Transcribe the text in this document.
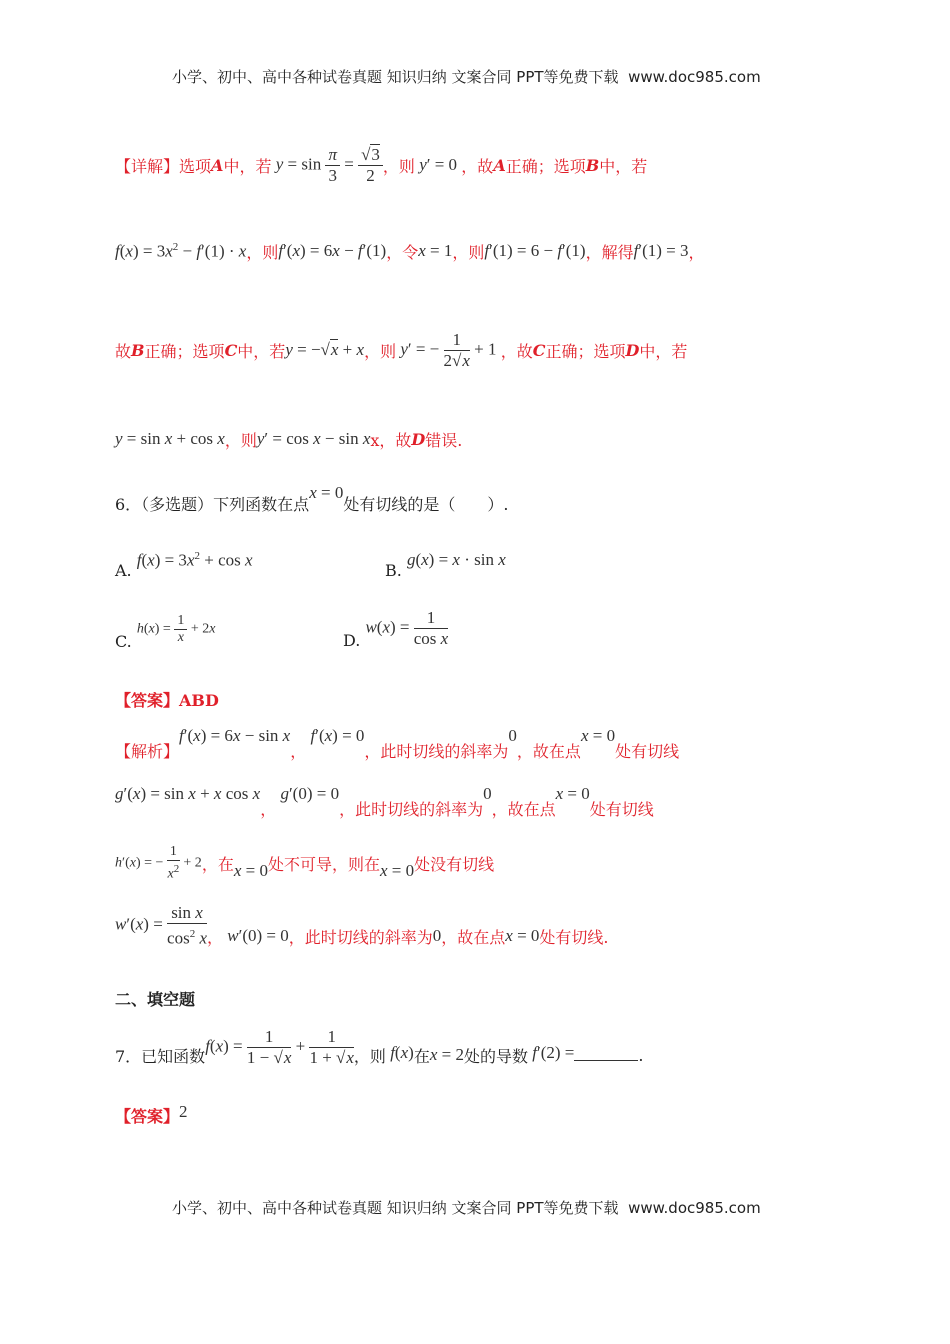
小学、初中、高中各种试卷真题 知识归纳 文案合同 PPT等免费下载 www.doc985.com
【详解】 选项 A 中，若 $y = \sin \frac{\pi}{3} = \frac{√3}{2}$ ，则 y′ = 0 ，故 A 正确；选项 B 中，若
$f(x) = 3x^2 - f'(1) \cdot x$ ，则 f′(x) = 6x − f′(1) ，令 x = 1 ，则 f′(1) = 6 − f′(1) ，解得 f′(1) = 3 ，
故 B 正确；选项 C 中，若 y = −√x + x ，则 y′ = − $\frac{1}{2√x} + 1$ ，故 C 正确；选项 D 中，若
y = sin x + cos x ，则 y′ = cos x − sin x x，故 D 错误.
6．（多选题）下列函数在点
x = 0
处有切线的是（　　）.
A.

$f(x) = 3x^2 + \cos x$
B.

g(x) = x · sin x
C.

$h(x) = \frac{1}{x} + 2x$
D.

$w(x) = \frac{1}{\text{cos x}}$
【答案】ABD
【解析】
f′(x) = 6x − sin x
，
f′(x) = 0
，此时切线的斜率为
0
，故在点
x = 0
处有切线
g′(x) = sin x + x cos x
，
g′(0) = 0
，此时切线的斜率为
0
，故在点
x = 0
处有切线
h′(x) = − $\frac{1}{x^2} + 2$ ，在 x = 0 处不可导，则在 x = 0 处没有切线
$w'(x) = \frac{\text{sin x}}{\cos^2 x}$ ， w′(0) = 0 ，此时切线的斜率为 0 ，故在点 x = 0 处有切线.
二、填空题
7．已知函数
$f(x) = \frac{1}{1 - √x} + \frac{1}{1 + √x}$ ，则 f(x) 在 x = 2 处的导数 f′(2) =	.
【答案】 2
小学、初中、高中各种试卷真题 知识归纳 文案合同 PPT等免费下载 www.doc985.com
